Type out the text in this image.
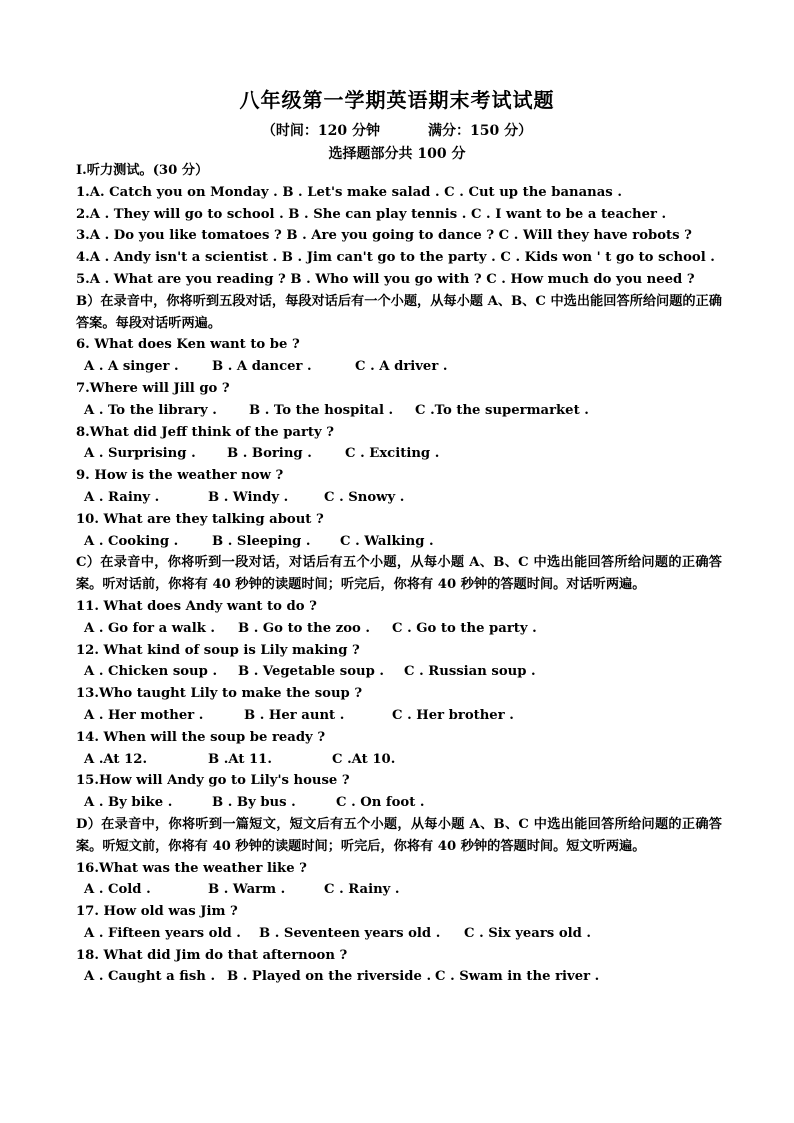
八年级第一学期英语期末考试试题
（时间：120 分钟	满分：150 分）
选择题部分共 100 分
I.听力测试。(30 分）
1.A. Catch you on Monday . B . Let's make salad . C . Cut up the bananas .
2.A . They will go to school . B . She can play tennis . C . I want to be a teacher .
3.A . Do you like tomatoes ? B . Are you going to dance ? C . Will they have robots ?
4.A . Andy isn't a scientist . B . Jim can't go to the party . C . Kids won ' t go to school .
5.A . What are you reading ? B . Who will you go with ? C . How much do you need ?
B）在录音中，你将听到五段对话，每段对话后有一个小题，从每小题 A、B、C 中选出能回答所给问题的正确答案。每段对话听两遍。
6. What does Ken want to be ?
A . A singer .	B . A dancer .	C . A driver .
7.Where will Jill go ?
A . To the library . B . To the hospital . C .To the supermarket .
8.What did Jeff think of the party ?
A . Surprising . B . Boring .	C . Exciting .
9. How is the weather now ?
A . Rainy .	B . Windy .	C . Snowy .
10. What are they talking about ?
A . Cooking .	B . Sleeping . C . Walking .
C）在录音中，你将听到一段对话，对话后有五个小题，从每小题 A、B、C 中选出能回答所给问题的正确答案。听对话前，你将有 40 秒钟的读题时间；听完后，你将有 40 秒钟的答题时间。对话听两遍。
11. What does Andy want to do ?
A . Go for a walk . B . Go to the zoo . C . Go to the party .
12. What kind of soup is Lily making ?
A . Chicken soup . B . Vegetable soup . C . Russian soup .
13.Who taught Lily to make the soup ?
A . Her mother .	B . Her aunt .	C . Her brother .
14. When will the soup be ready ?
A .At 12.	B .At 11.	C .At 10.
15.How will Andy go to Lily's house ?
A . By bike .	B . By bus .	C . On foot .
D）在录音中，你将听到一篇短文，短文后有五个小题，从每小题 A、B、C 中选出能回答所给问题的正确答案。听短文前，你将有 40 秒钟的读题时间；听完后，你将有 40 秒钟的答题时间。短文听两遍。
16.What was the weather like ?
A . Cold .	B . Warm .	C . Rainy .
17. How old was Jim ?
A . Fifteen years old . B . Seventeen years old . C . Six years old .
18. What did Jim do that afternoon ?
A . Caught a fish . B . Played on the riverside . C . Swam in the river .
